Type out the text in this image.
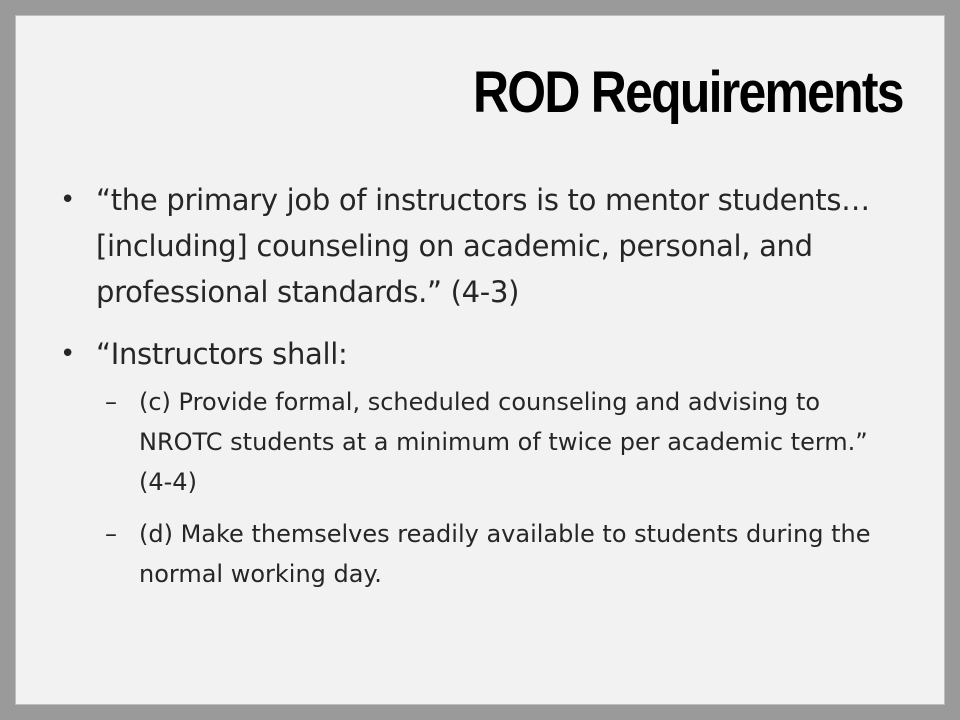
ROD Requirements
• “the primary job of instructors is to mentor students…[including] counseling on academic, personal, and professional standards.” (4-3)
• “Instructors shall:
– (c) Provide formal, scheduled counseling and advising to NROTC students at a minimum of twice per academic term.” (4-4)
– (d) Make themselves readily available to students during the normal working day.
